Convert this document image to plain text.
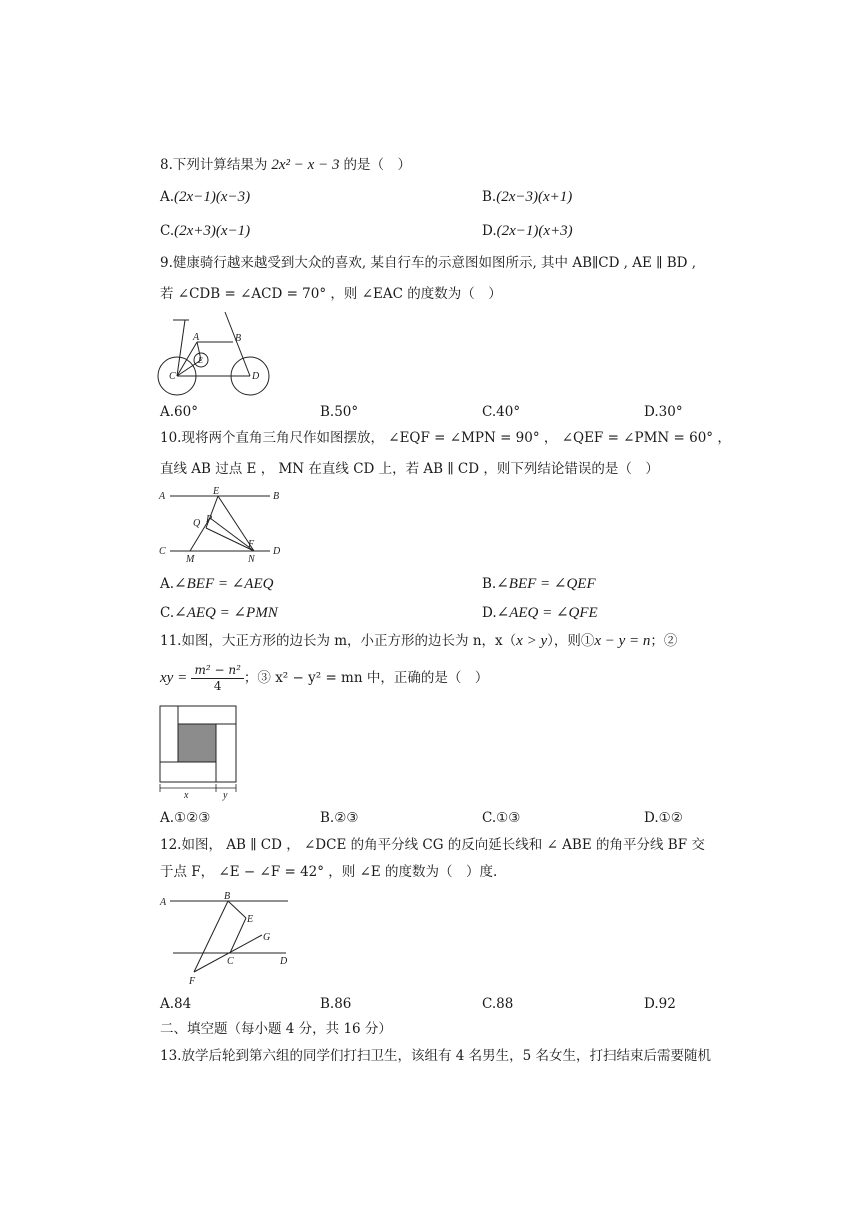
8.下列计算结果为 2x² − x − 3 的是（　）
A.(2x−1)(x−3)	B.(2x−3)(x+1)
C.(2x+3)(x−1)	D.(2x−1)(x+3)
9.健康骑行越来越受到大众的喜欢, 某自行车的示意图如图所示, 其中 AB∥CD , AE ∥ BD ,
若 ∠CDB = ∠ACD = 70° ，则 ∠EAC 的度数为（　）
A	B
C	D
E
A.60°	B.50°	C.40°	D.30°
10.现将两个直角三角尺作如图摆放， ∠EQF = ∠MPN = 90° ， ∠QEF = ∠PMN = 60° ，
直线 AB 过点 E ， MN 在直线 CD 上，若 AB ∥ CD ，则下列结论错误的是（　）
A	B
C	D
E
F
M	N
P
Q
A.∠BEF = ∠AEQ	B.∠BEF = ∠QEF
C.∠AEQ = ∠PMN	D.∠AEQ = ∠QFE
11.如图，大正方形的边长为 m，小正方形的边长为 n，x（x > y），则①x − y = n；②
xy = $\frac{\text{m² − n²}}{4}$ ；③ x² − y² = mn 中，正确的是（　）
x	y
A.①②③	B.②③	C.①③	D.①②
12.如图， AB ∥ CD ， ∠DCE 的角平分线 CG 的反向延长线和 ∠ ABE 的角平分线 BF 交
于点 F， ∠E − ∠F = 42° ，则 ∠E 的度数为（　）度.
A
B
C	D
E
F
G
A.84	B.86	C.88	D.92
二、填空题（每小题 4 分，共 16 分）
13.放学后轮到第六组的同学们打扫卫生，该组有 4 名男生，5 名女生，打扫结束后需要随机
